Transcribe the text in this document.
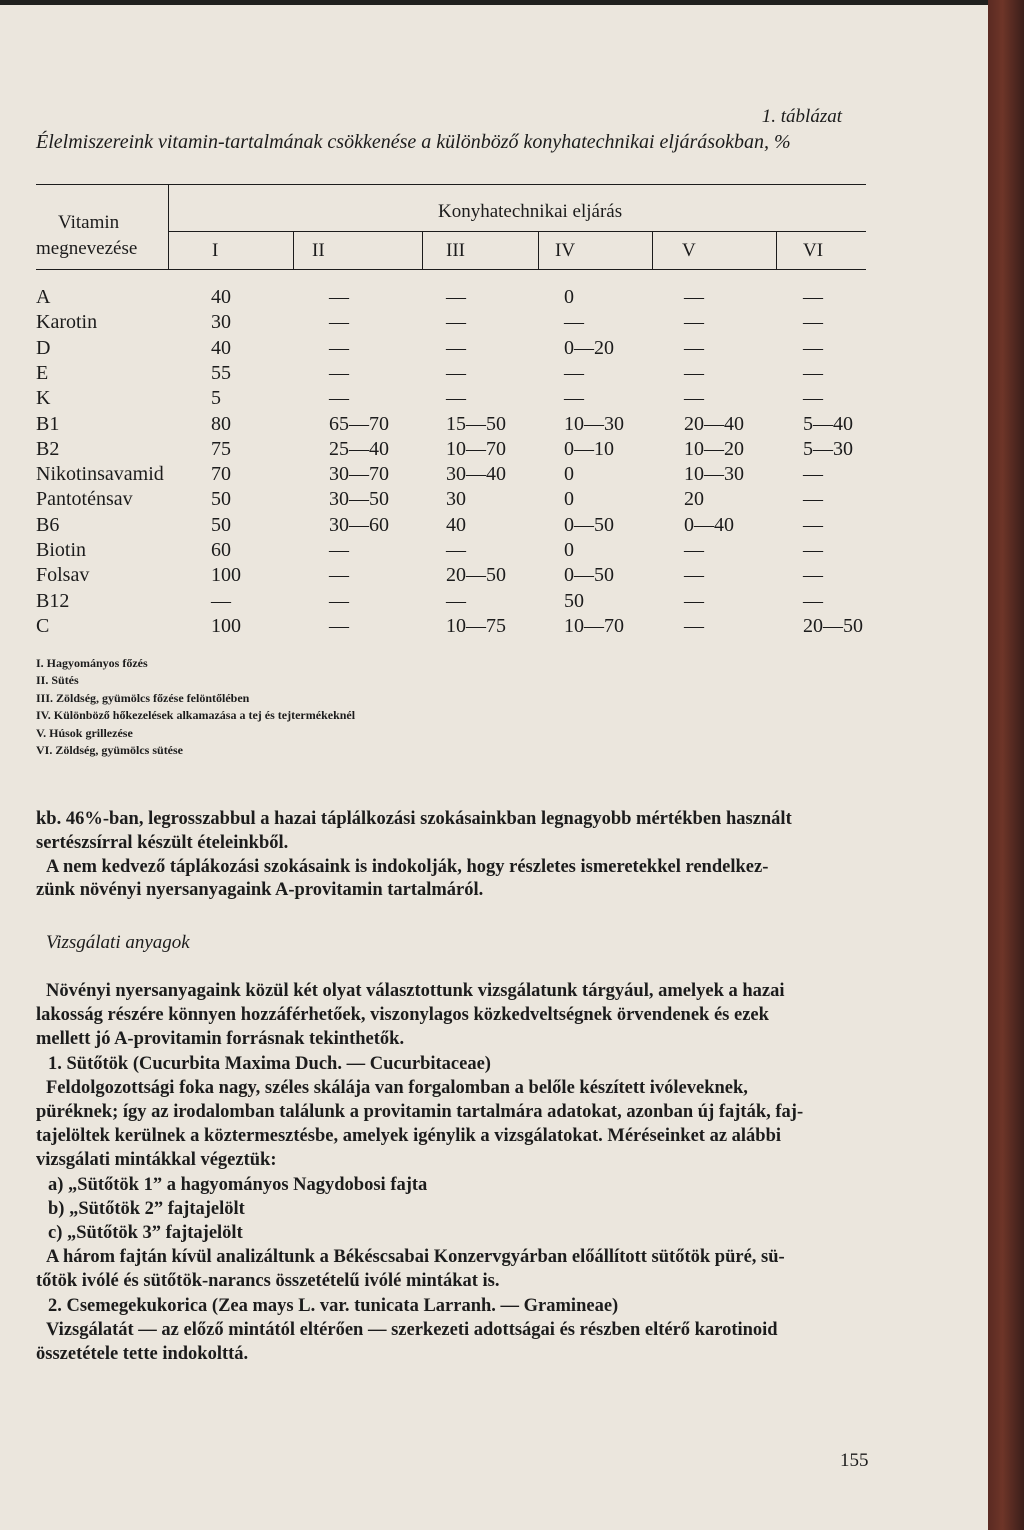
1. táblázat
Élelmiszereink vitamin-tartalmának csökkenése a különböző konyhatechnikai eljárásokban, %
Vitamin
megnevezése
Konyhatechnikai eljárás
I	II	III	IV	V	VI
A	40	—	—	0	—	—
Karotin	30	—	—	—	—	—
D	40	—	—	0—20	—	—
E	55	—	—	—	—	—
K	5	—	—	—	—	—
B1	80	65—70	15—50	10—30	20—40	5—40
B2	75	25—40	10—70	0—10	10—20	5—30
Nikotinsavamid 70	30—70	30—40	0	10—30	—
Pantoténsav	50	30—50	30	0	20	—
B6	50	30—60	40	0—50	0—40	—
Biotin	60	—	—	0	—	—
Folsav	100	—	20—50	0—50	—	—
B12	—	—	—	50	—	—
C	100	—	10—75	10—70	—	20—50
I. Hagyományos főzés
II. Sütés
III. Zöldség, gyümölcs főzése felöntőlében
IV. Különböző hőkezelések alkamazása a tej és tejtermékeknél
V. Húsok grillezése
VI. Zöldség, gyümölcs sütése
kb. 46%-ban, legrosszabbul a hazai táplálkozási szokásainkban legnagyobb mértékben használt
sertészsírral készült ételeinkből.
A nem kedvező táplákozási szokásaink is indokolják, hogy részletes ismeretekkel rendelkez-
zünk növényi nyersanyagaink A-provitamin tartalmáról.
Vizsgálati anyagok
Növényi nyersanyagaink közül két olyat választottunk vizsgálatunk tárgyául, amelyek a hazai
lakosság részére könnyen hozzáférhetőek, viszonylagos közkedveltségnek örvendenek és ezek
mellett jó A-provitamin forrásnak tekinthetők.
1. Sütőtök (Cucurbita Maxima Duch. — Cucurbitaceae)
Feldolgozottsági foka nagy, széles skálája van forgalomban a belőle készített ivóleveknek,
püréknek; így az irodalomban találunk a provitamin tartalmára adatokat, azonban új fajták, faj-
tajelöltek kerülnek a köztermesztésbe, amelyek igénylik a vizsgálatokat. Méréseinket az alábbi
vizsgálati mintákkal végeztük:
a) „Sütőtök 1” a hagyományos Nagydobosi fajta
b) „Sütőtök 2” fajtajelölt
c) „Sütőtök 3” fajtajelölt
A három fajtán kívül analizáltunk a Békéscsabai Konzervgyárban előállított sütőtök püré, sü-
tőtök ivólé és sütőtök-narancs összetételű ivólé mintákat is.
2. Csemegekukorica (Zea mays L. var. tunicata Larranh. — Gramineae)
Vizsgálatát — az előző mintától eltérően — szerkezeti adottságai és részben eltérő karotinoid
összetétele tette indokolttá.
155
